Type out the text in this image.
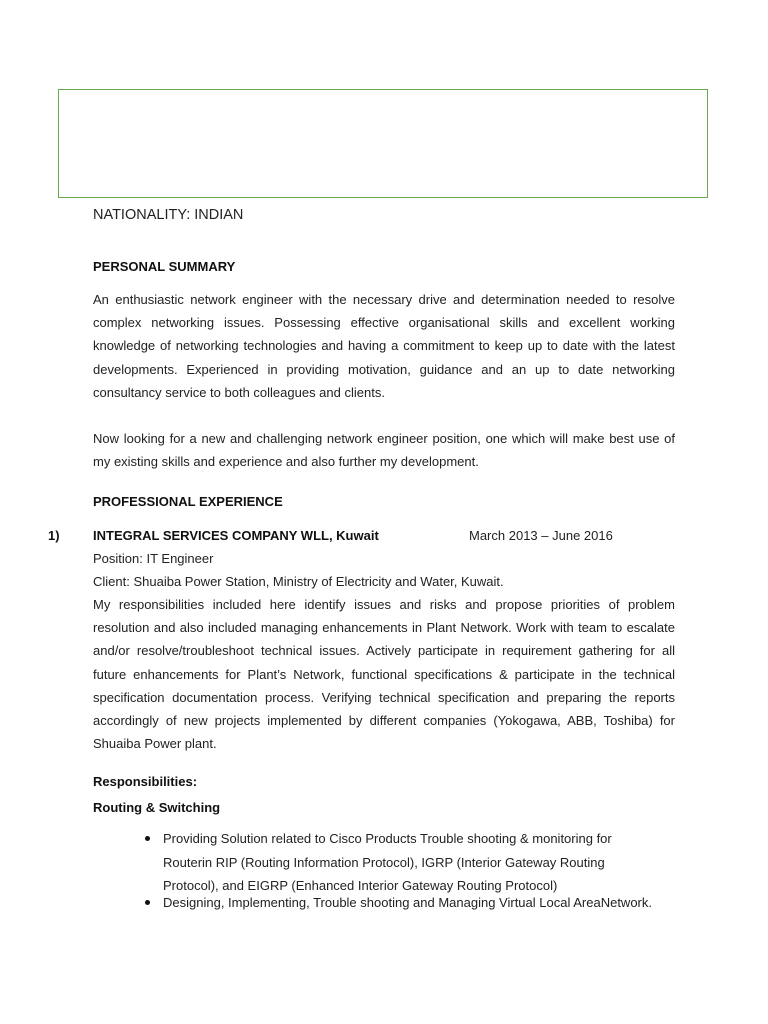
NATIONALITY: INDIAN
PERSONAL SUMMARY
An enthusiastic network engineer with the necessary drive and determination needed to resolve complex networking issues. Possessing effective organisational skills and excellent working knowledge of networking technologies and having a commitment to keep up to date with the latest developments. Experienced in providing motivation, guidance and an up to date networking consultancy service to both colleagues and clients.
Now looking for a new and challenging network engineer position, one which will make best use of my existing skills and experience and also further my development.
PROFESSIONAL EXPERIENCE
1)	INTEGRAL SERVICES COMPANY WLL, Kuwait	March 2013 – June 2016
Position: IT Engineer
Client: Shuaiba Power Station, Ministry of Electricity and Water, Kuwait.
My responsibilities included here identify issues and risks and propose priorities of problem resolution and also included managing enhancements in Plant Network. Work with team to escalate and/or resolve/troubleshoot technical issues. Actively participate in requirement gathering for all future enhancements for Plant’s Network, functional specifications & participate in the technical specification documentation process. Verifying technical specification and preparing the reports accordingly of new projects implemented by different companies (Yokogawa, ABB, Toshiba) for Shuaiba Power plant.
Responsibilities:
Routing & Switching
Providing Solution related to Cisco Products Trouble shooting & monitoring for Routerin RIP (Routing Information Protocol), IGRP (Interior Gateway Routing Protocol), and EIGRP (Enhanced Interior Gateway Routing Protocol)
Designing, Implementing, Trouble shooting and Managing Virtual Local AreaNetwork.
